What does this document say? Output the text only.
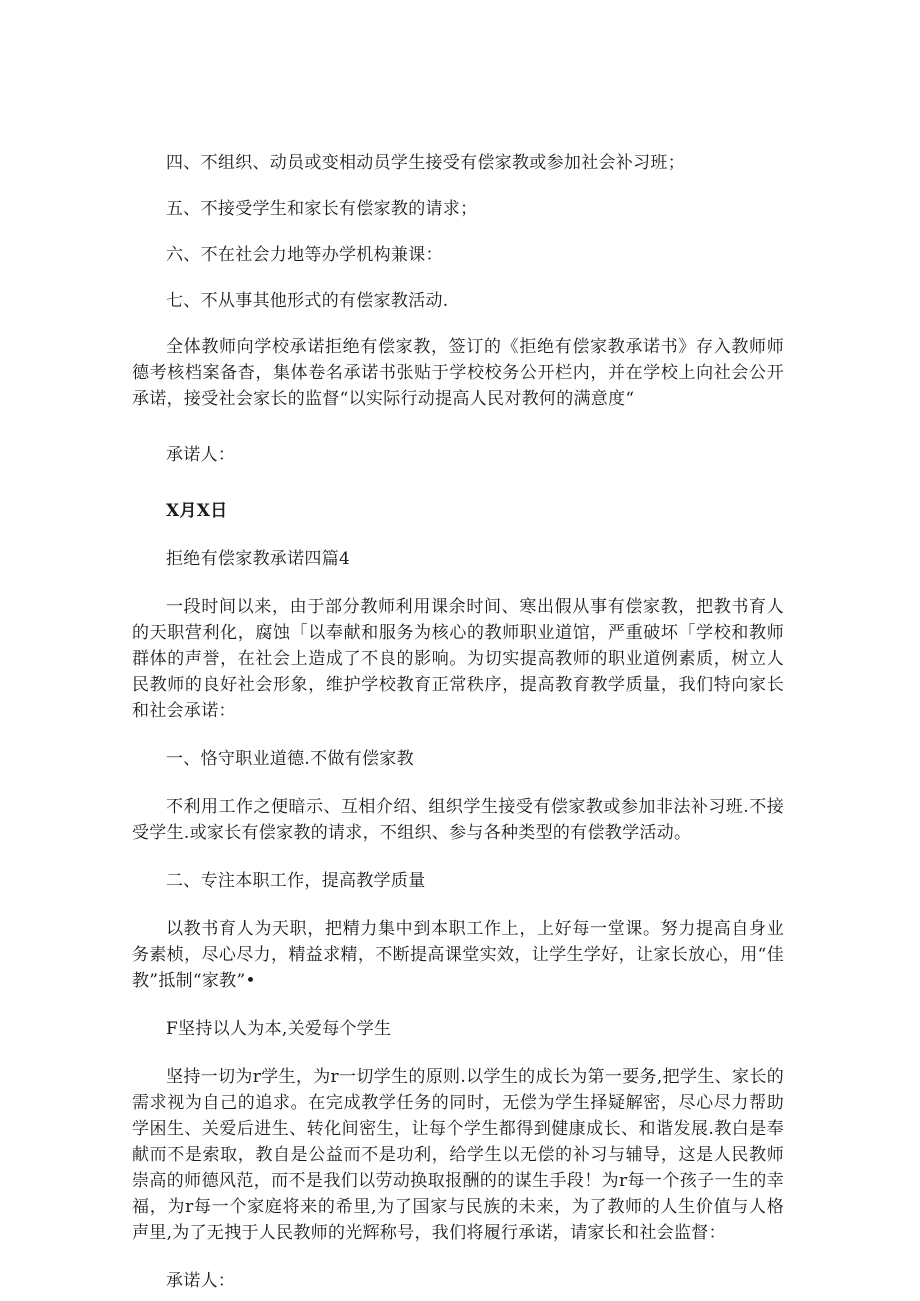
四、不组织、动员或变相动员学生接受有偿家教或参加社会补习班；

五、不接受学生和家长有偿家教的请求；

六、不在社会力地等办学机构兼课：

七、不从事其他形式的有偿家教活动.

全体教师向学校承诺拒绝有偿家教，签订的《拒绝有偿家教承诺书》存入教师师德考核档案备杳，集体卷名承诺书张贴于学校校务公开栏内，并在学校上向社会公开承诺，接受社会家长的监督“以实际行动提高人民对教何的满意度“

承诺人：

X月X日

拒绝有偿家教承诺四篇4

一段时间以来，由于部分教师利用课余时间、寒出假从事有偿家教，把教书育人的天职营利化，腐蚀「以奉献和服务为核心的教师职业道馆，严重破坏「学校和教师群体的声誉，在社会上造成了不良的影响。为切实提高教师的职业道例素质，树立人民教师的良好社会形象，维护学校教育正常秩序，提高教育教学质量，我们特向家长和社会承诺：

一、恪守职业道德.不做有偿家教

不利用工作之便暗示、互相介绍、组织学生接受有偿家教或参加非法补习班.不接受学生.或家长有偿家教的请求，不组织、参与各种类型的有偿教学活动。

二、专注本职工作，提高教学质量

以教书育人为天职，把精力集中到本职工作上，上好每一堂课。努力提高自身业务素桢，尽心尽力，精益求精，不断提高课堂实效，让学生学好，让家长放心，用“佳教”抵制“家教”•

F坚持以人为本,关爱每个学生

坚持一切为r学生，为r一切学生的原则.以学生的成长为第一要务,把学生、家长的需求视为自己的追求。在完成教学任务的同时，无偿为学生择疑解密，尽心尽力帮助学困生、关爱后进生、转化间密生，让每个学生都得到健康成长、和谐发展.教白是奉献而不是索取，教自是公益而不是功利，给学生以无偿的补习与辅导，这是人民教师崇高的师德风范，而不是我们以劳动换取报酬的的谋生手段！为r每一个孩子一生的幸福，为r每一个家庭将来的希里,为了国家与民族的未来，为了教师的人生价值与人格声里,为了无拽于人民教师的光辉称号，我们将履行承诺，请家长和社会监督：

承诺人：
